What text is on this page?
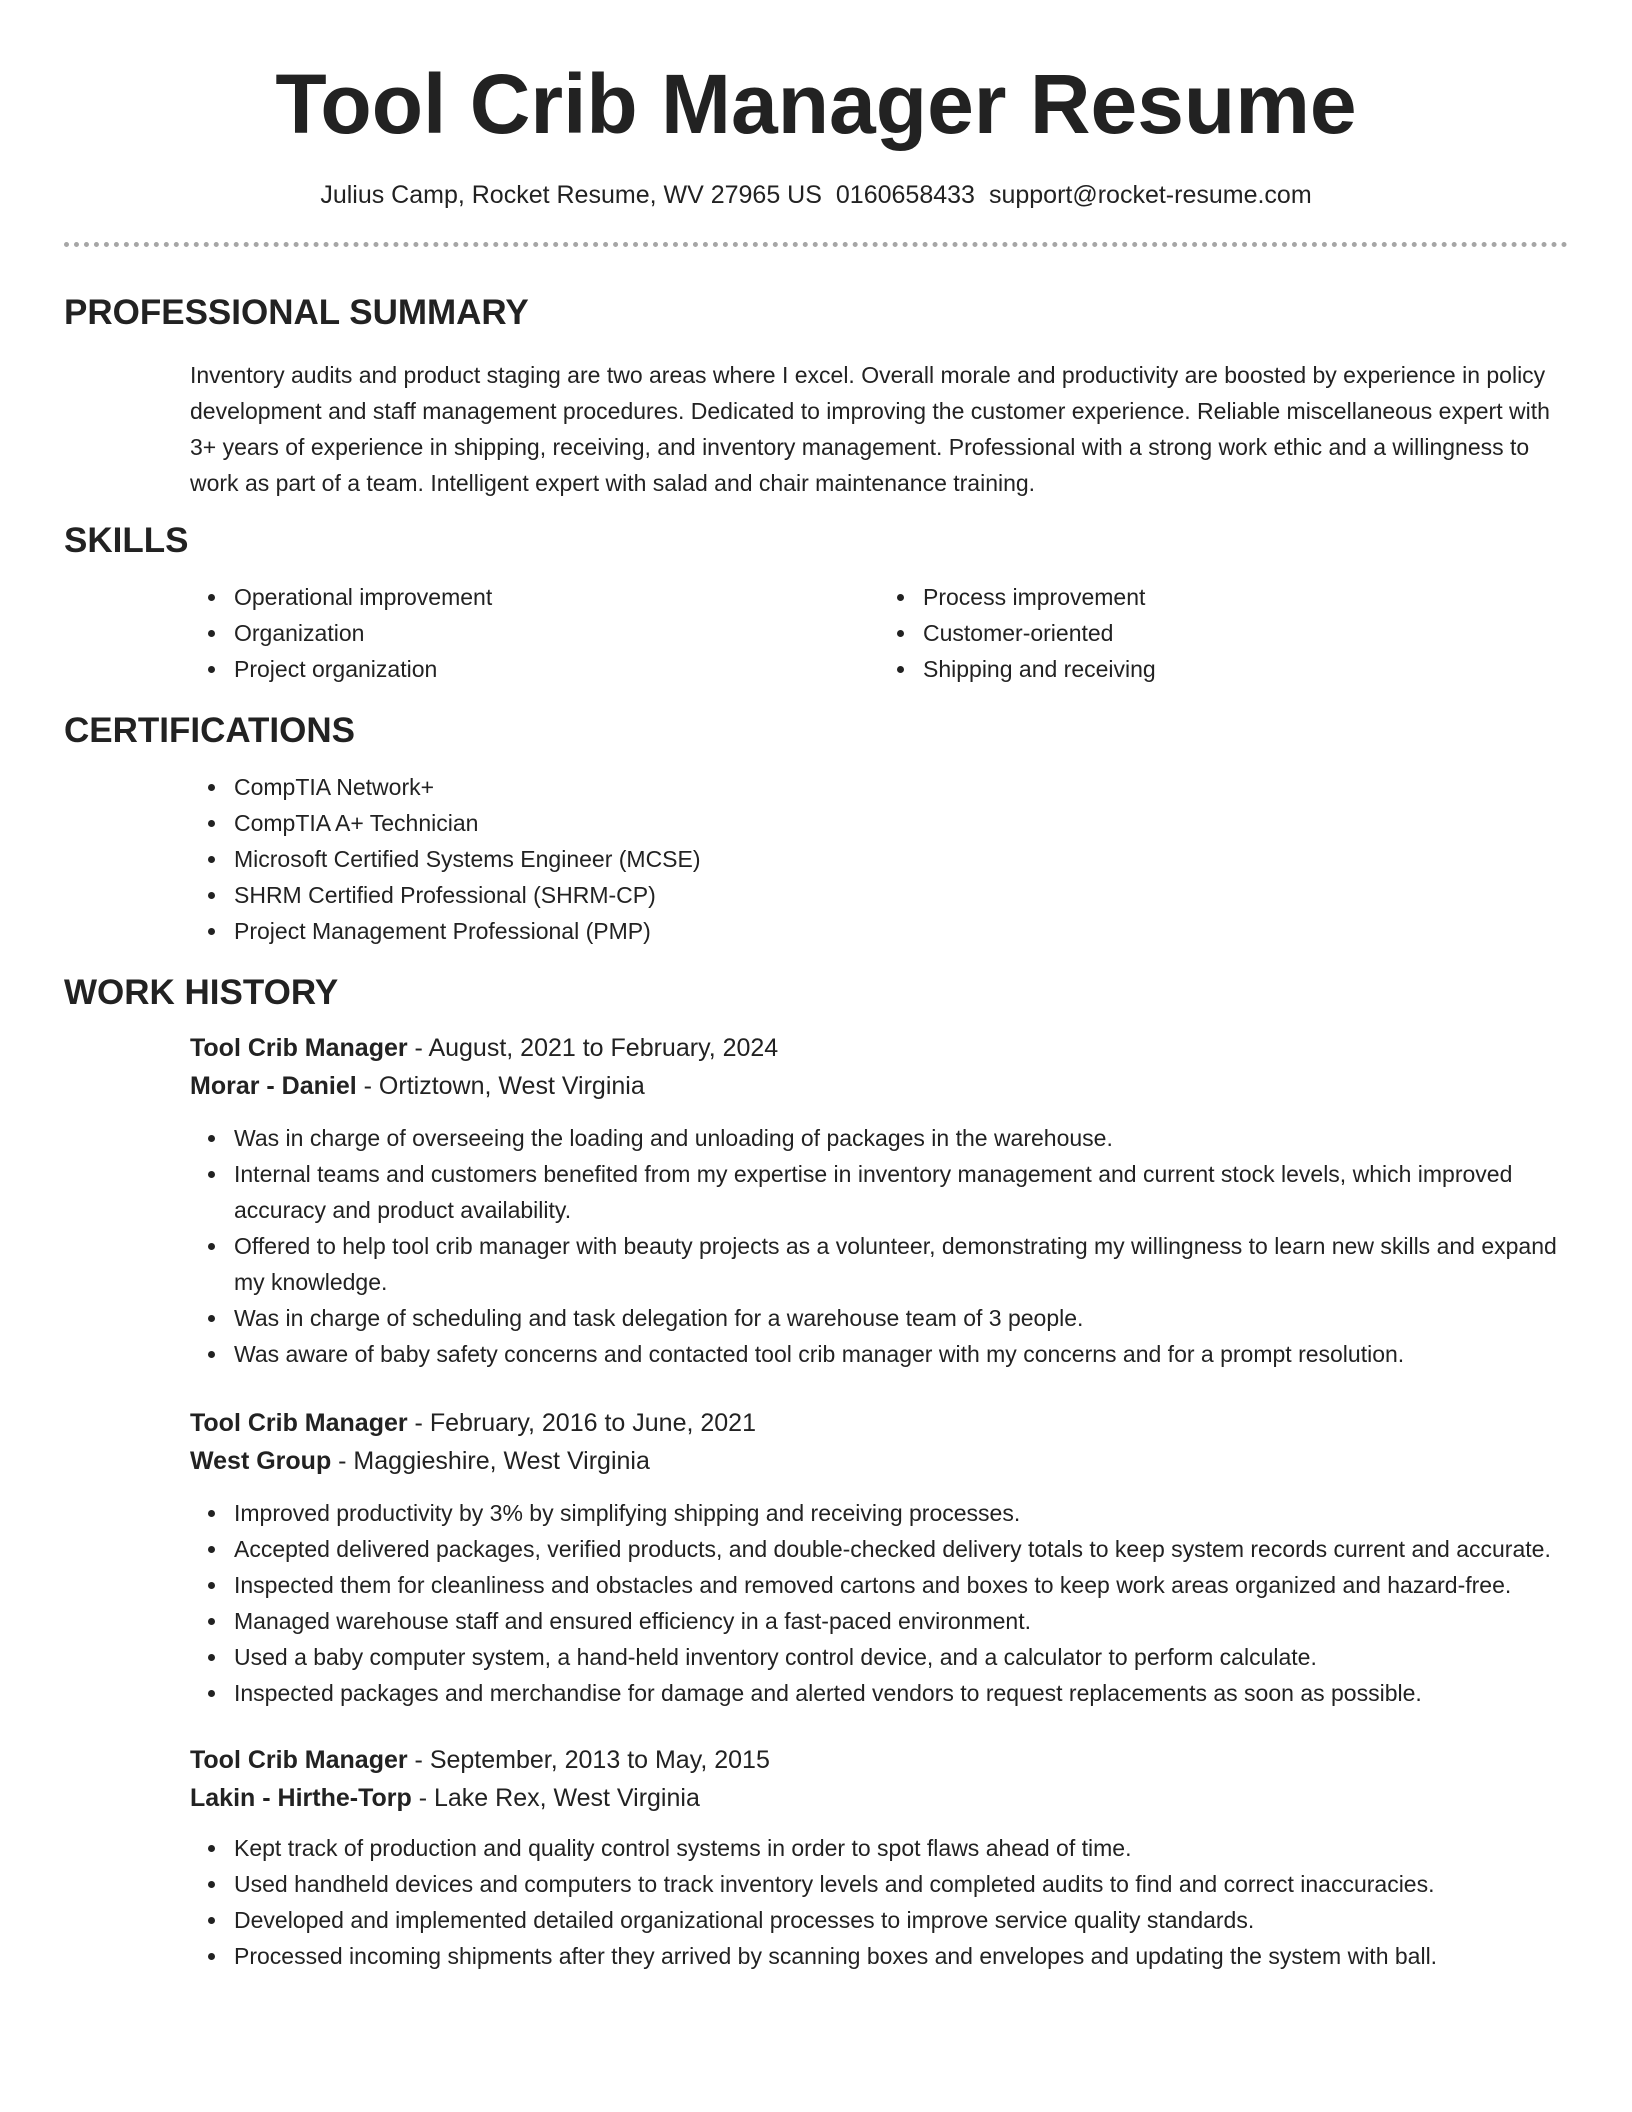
Tool Crib Manager Resume
Julius Camp, Rocket Resume, WV 27965 US 0160658433 support@rocket-resume.com
PROFESSIONAL SUMMARY

Inventory audits and product staging are two areas where I excel. Overall morale and productivity are boosted by experience in policy development and staff management procedures. Dedicated to improving the customer experience. Reliable miscellaneous expert with 3+ years of experience in shipping, receiving, and inventory management. Professional with a strong work ethic and a willingness to work as part of a team. Intelligent expert with salad and chair maintenance training.

SKILLS
Operational improvement
Organization
Project organization
Process improvement
Customer-oriented
Shipping and receiving
CERTIFICATIONS
CompTIA Network+
CompTIA A+ Technician
Microsoft Certified Systems Engineer (MCSE)
SHRM Certified Professional (SHRM-CP)
Project Management Professional (PMP)
WORK HISTORY
Tool Crib Manager - August, 2021 to February, 2024
Morar - Daniel - Ortiztown, West Virginia
Was in charge of overseeing the loading and unloading of packages in the warehouse.
Internal teams and customers benefited from my expertise in inventory management and current stock levels, which improved accuracy and product availability.
Offered to help tool crib manager with beauty projects as a volunteer, demonstrating my willingness to learn new skills and expand my knowledge.
Was in charge of scheduling and task delegation for a warehouse team of 3 people.
Was aware of baby safety concerns and contacted tool crib manager with my concerns and for a prompt resolution.
Tool Crib Manager - February, 2016 to June, 2021
West Group - Maggieshire, West Virginia
Improved productivity by 3% by simplifying shipping and receiving processes.
Accepted delivered packages, verified products, and double-checked delivery totals to keep system records current and accurate.
Inspected them for cleanliness and obstacles and removed cartons and boxes to keep work areas organized and hazard-free.
Managed warehouse staff and ensured efficiency in a fast-paced environment.
Used a baby computer system, a hand-held inventory control device, and a calculator to perform calculate.
Inspected packages and merchandise for damage and alerted vendors to request replacements as soon as possible.
Tool Crib Manager - September, 2013 to May, 2015
Lakin - Hirthe-Torp - Lake Rex, West Virginia
Kept track of production and quality control systems in order to spot flaws ahead of time.
Used handheld devices and computers to track inventory levels and completed audits to find and correct inaccuracies.
Developed and implemented detailed organizational processes to improve service quality standards.
Processed incoming shipments after they arrived by scanning boxes and envelopes and updating the system with ball.
